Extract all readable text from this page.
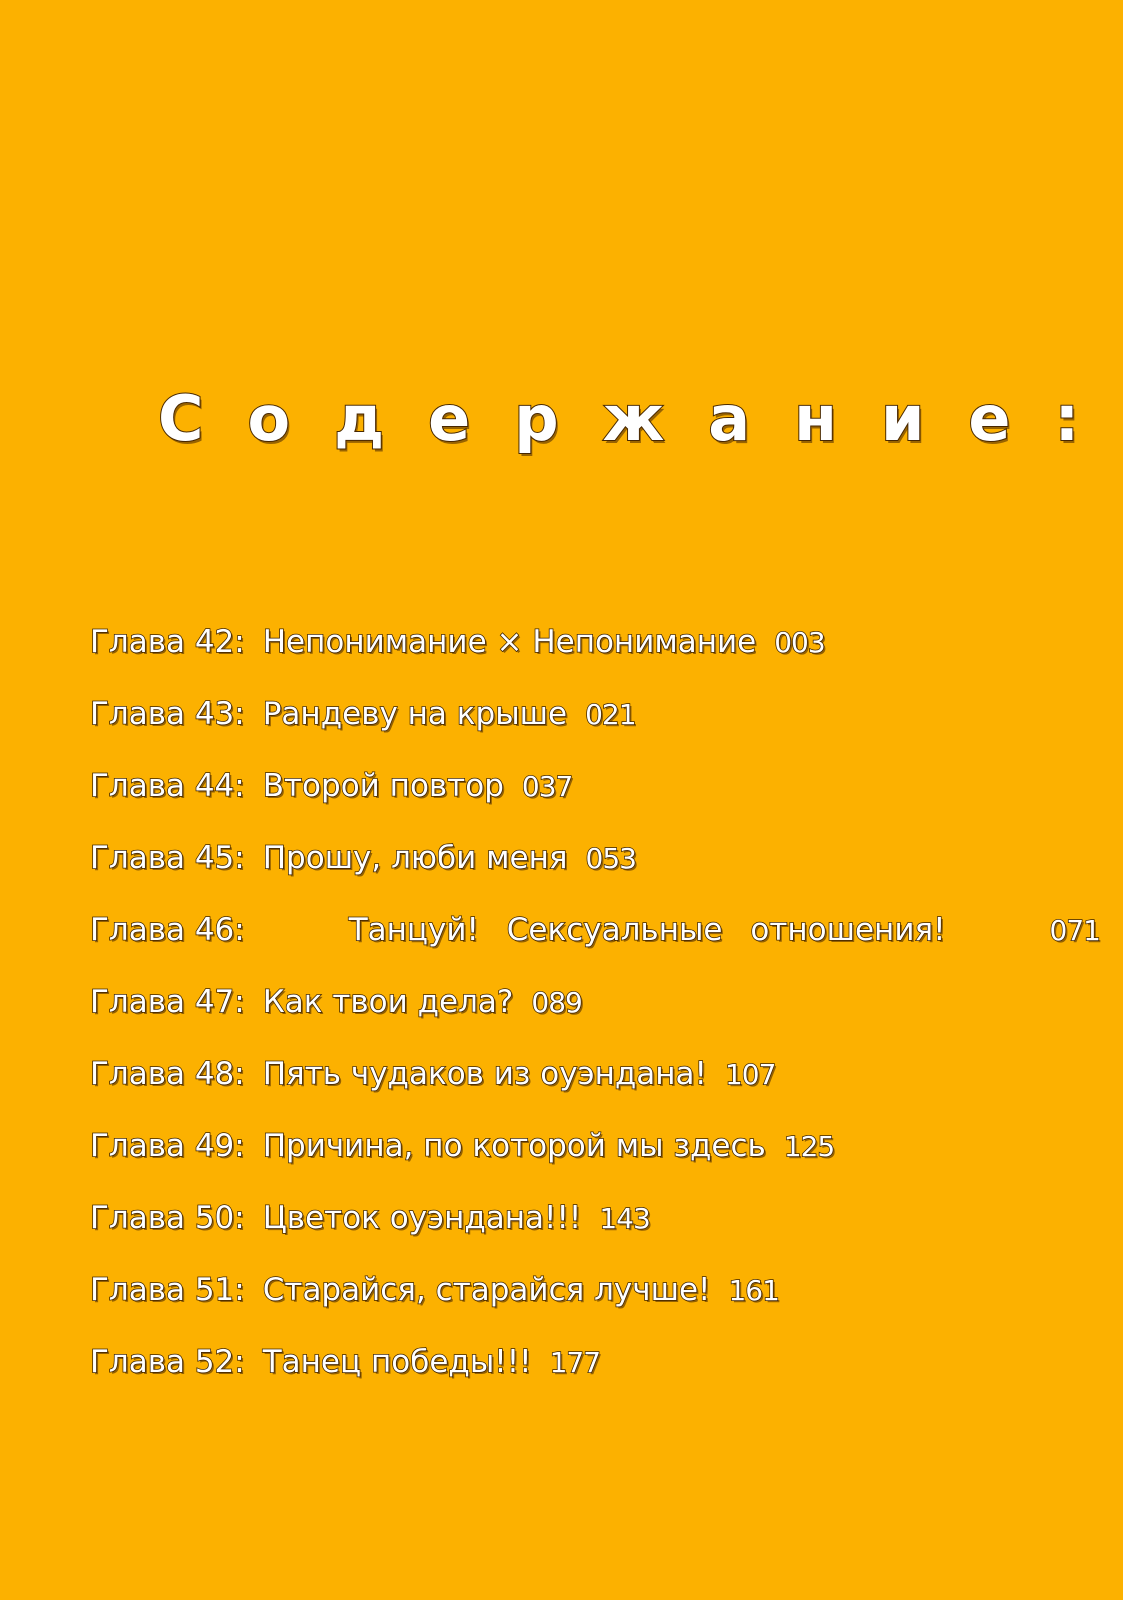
Содержание:
Глава 42: Непонимание × Непонимание 003
Глава 43: Рандеву на крыше 021
Глава 44: Второй повтор 037
Глава 45: Прошу, люби меня 053
Глава 46:	Танцуй! Сексуальные отношения!	071
Глава 47: Как твои дела? 089
Глава 48: Пять чудаков из оуэндана! 107
Глава 49: Причина, по которой мы здесь 125
Глава 50: Цветок оуэндана!!! 143
Глава 51: Старайся, старайся лучше! 161
Глава 52: Танец победы!!! 177
